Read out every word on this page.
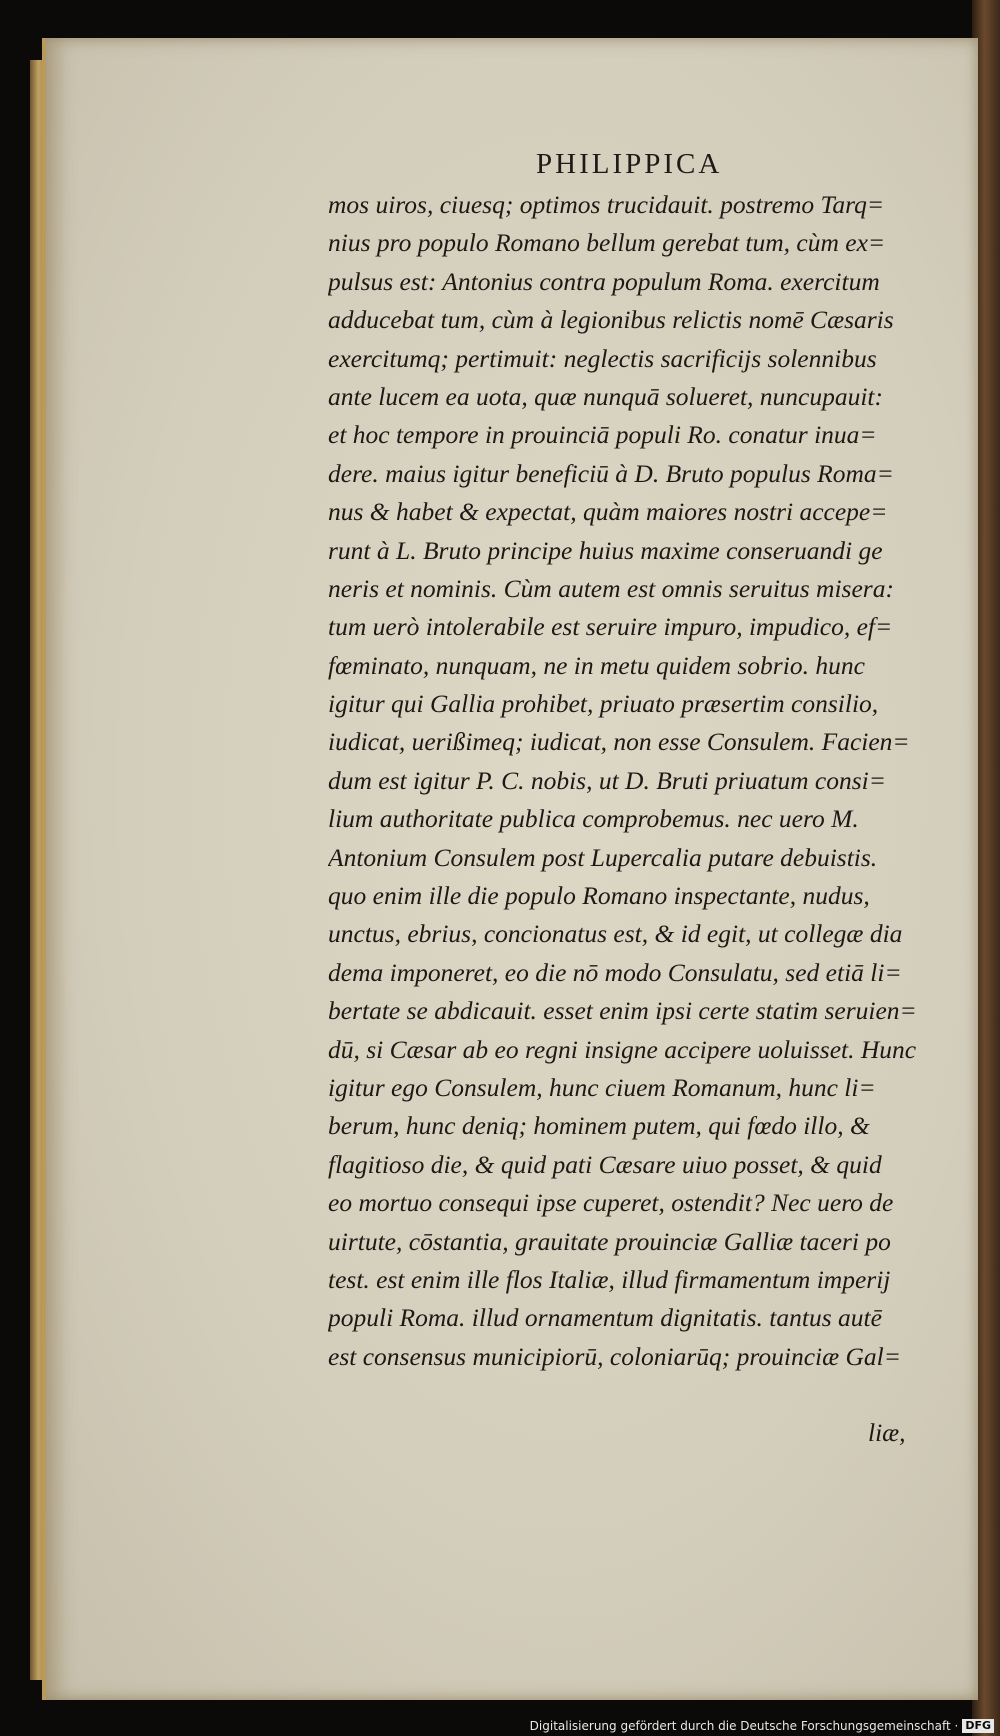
PHILIPPICA
mos uiros, ciuesq; optimos trucidauit. postremo Tarq=
nius pro populo Romano bellum gerebat tum, cùm ex=
pulsus est: Antonius contra populum Roma. exercitum
adducebat tum, cùm à legionibus relictis nomē Cæsaris
exercitumq; pertimuit: neglectis sacrificijs solennibus
ante lucem ea uota, quæ nunquā solueret, nuncupauit:
et hoc tempore in prouinciā populi Ro. conatur inua=
dere. maius igitur beneficiū à D. Bruto populus Roma=
nus & habet & expectat, quàm maiores nostri accepe=
runt à L. Bruto principe huius maxime conseruandi ge
neris et nominis. Cùm autem est omnis seruitus misera:
tum uerò intolerabile est seruire impuro, impudico, ef=
fœminato, nunquam, ne in metu quidem sobrio. hunc
igitur qui Gallia prohibet, priuato præsertim consilio,
iudicat, uerißimeq; iudicat, non esse Consulem. Facien=
dum est igitur P. C. nobis, ut D. Bruti priuatum consi=
lium authoritate publica comprobemus. nec uero M.
Antonium Consulem post Lupercalia putare debuistis.
quo enim ille die populo Romano inspectante, nudus,
unctus, ebrius, concionatus est, & id egit, ut collegæ dia
dema imponeret, eo die nō modo Consulatu, sed etiā li=
bertate se abdicauit. esset enim ipsi certe statim seruien=
dū, si Cæsar ab eo regni insigne accipere uoluisset. Hunc
igitur ego Consulem, hunc ciuem Romanum, hunc li=
berum, hunc deniq; hominem putem, qui fœdo illo, &
flagitioso die, & quid pati Cæsare uiuo posset, & quid
eo mortuo consequi ipse cuperet, ostendit? Nec uero de
uirtute, cōstantia, grauitate prouinciæ Galliæ taceri po
test. est enim ille flos Italiæ, illud firmamentum imperij
populi Roma. illud ornamentum dignitatis. tantus autē
est consensus municipiorū, coloniarūq; prouinciæ Gal=
liæ,
Digitalisierung gefördert durch die Deutsche Forschungsgemeinschaft · DFG
